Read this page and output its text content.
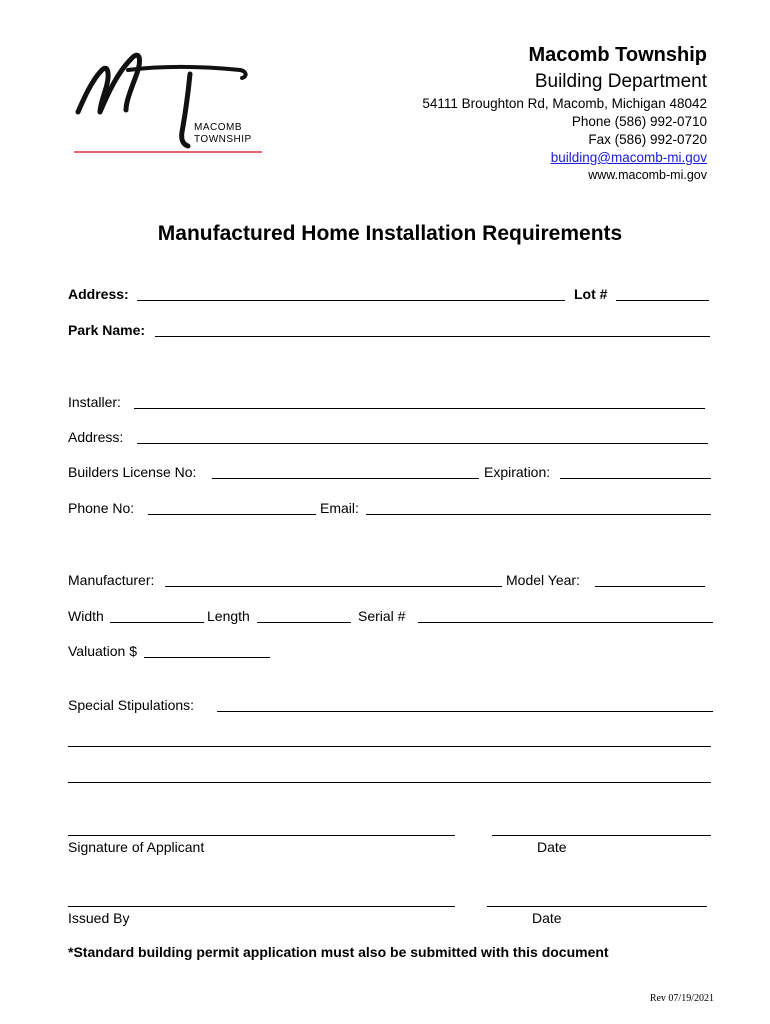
MACOMB
TOWNSHIP
Macomb Township
Building Department
54111 Broughton Rd, Macomb, Michigan 48042
Phone (586) 992-0710
Fax (586) 992-0720
building@macomb-mi.gov
www.macomb-mi.gov
Manufactured Home Installation Requirements
Address:	Lot #
Park Name:
Installer:
Address:
Builders License No:	Expiration:
Phone No:	Email:
Manufacturer:	Model Year:
Width	Length	Serial #
Valuation $
Special Stipulations:
Signature of Applicant	Date
Issued By	Date
*Standard building permit application must also be submitted with this document
Rev 07/19/2021
